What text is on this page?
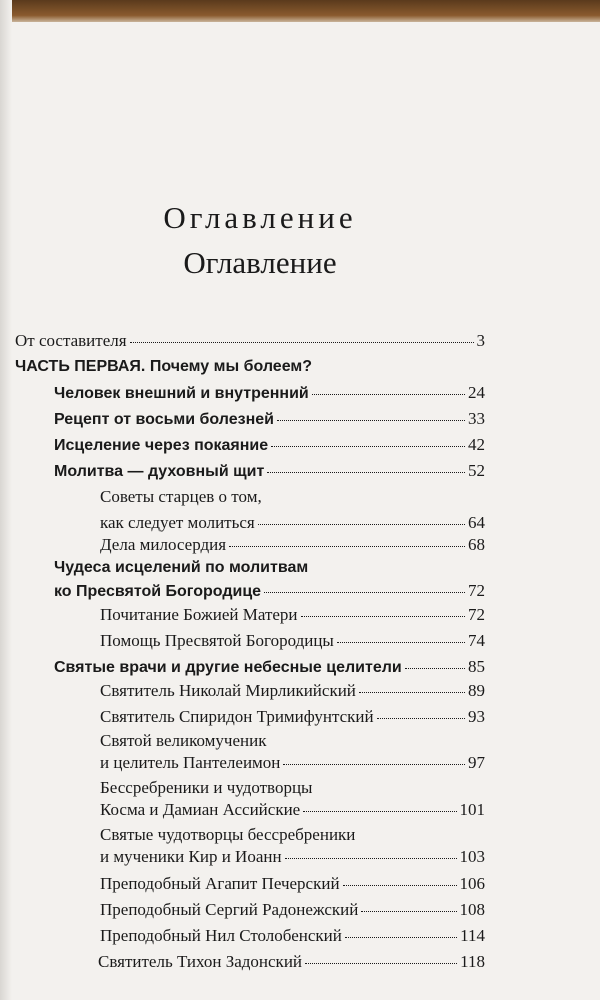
Оглавление
Оглавление
От составителя	3
ЧАСТЬ ПЕРВАЯ. Почему мы болеем?
Человек внешний и внутренний	24
Рецепт от восьми болезней	33
Исцеление через покаяние	42
Молитва — духовный щит	52
Советы старцев о том,
как следует молиться	64
Дела милосердия	68
Чудеса исцелений по молитвам
ко Пресвятой Богородице	72
Почитание Божией Матери	72
Помощь Пресвятой Богородицы	74
Святые врачи и другие небесные целители	85
Святитель Николай Мирликийский	89
Святитель Спиридон Тримифунтский	93
Святой великомученик
и целитель Пантелеимон	97
Бессребреники и чудотворцы
Косма и Дамиан Ассийские	101
Святые чудотворцы бессребреники
и мученики Кир и Иоанн	103
Преподобный Агапит Печерский	106
Преподобный Сергий Радонежский	108
Преподобный Нил Столобенский	114
Святитель Тихон Задонский	118
